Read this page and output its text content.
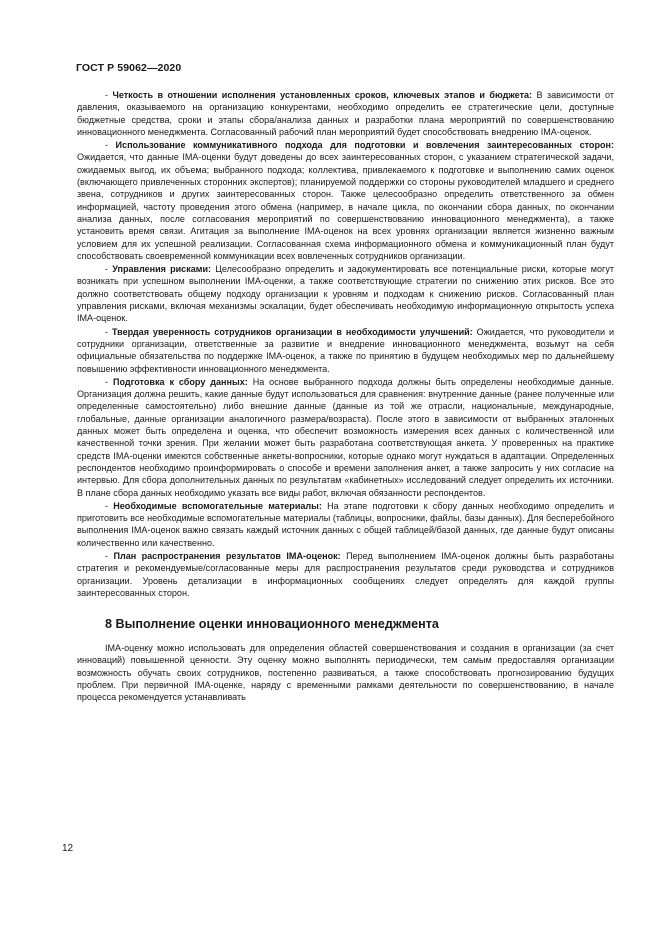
ГОСТ Р 59062—2020

- Четкость в отношении исполнения установленных сроков, ключевых этапов и бюджета: В зависимости от давления, оказываемого на организацию конкурентами, необходимо определить ее стратегические цели, доступные бюджетные средства, сроки и этапы сбора/анализа данных и разработки плана мероприятий по совершенствованию инновационного менеджмента. Согласованный рабочий план мероприятий будет способствовать внедрению IMA-оценок.

- Использование коммуникативного подхода для подготовки и вовлечения заинтересованных сторон: Ожидается, что данные IMA-оценки будут доведены до всех заинтересованных сторон, с указанием стратегической задачи, ожидаемых выгод, их объема; выбранного подхода; коллектива, привлекаемого к подготовке и выполнению самих оценок (включающего привлеченных сторонних экспертов); планируемой поддержки со стороны руководителей младшего и среднего звена, сотрудников и других заинтересованных сторон. Также целесообразно определить ответственного за обмен информацией, частоту проведения этого обмена (например, в начале цикла, по окончании сбора данных, по окончании анализа данных, после согласования мероприятий по совершенствованию инновационного менеджмента), а также установить время связи. Агитация за выполнение IMA-оценок на всех уровнях организации является жизненно важным условием для их успешной реализации. Согласованная схема информационного обмена и коммуникационный план будут способствовать своевременной коммуникации всех вовлеченных сотрудников организации.

- Управления рисками: Целесообразно определить и задокументировать все потенциальные риски, которые могут возникать при успешном выполнении IMA-оценки, а также соответствующие стратегии по снижению этих рисков. Все это должно соответствовать общему подходу организации к уровням и подходам к снижению рисков. Согласованный план управления рисками, включая механизмы эскалации, будет обеспечивать необходимую информационную открытость успеха IMA-оценок.

- Твердая уверенность сотрудников организации в необходимости улучшений: Ожидается, что руководители и сотрудники организации, ответственные за развитие и внедрение инновационного менеджмента, возьмут на себя официальные обязательства по поддержке IMA-оценок, а также по принятию в будущем необходимых мер по дальнейшему повышению эффективности инновационного менеджмента.

- Подготовка к сбору данных: На основе выбранного подхода должны быть определены необходимые данные. Организация должна решить, какие данные будут использоваться для сравнения: внутренние данные (ранее полученные или определенные самостоятельно) либо внешние данные (данные из той же отрасли, национальные, международные, глобальные, данные организации аналогичного размера/возраста). После этого в зависимости от выбранных эталонных данных может быть определена и оценка, что обеспечит возможность измерения всех данных с количественной или качественной точки зрения. При желании может быть разработана соответствующая анкета. У проверенных на практике средств IMA-оценки имеются собственные анкеты-вопросники, которые однако могут нуждаться в адаптации. Определенных респондентов необходимо проинформировать о способе и времени заполнения анкет, а также запросить у них согласие на интервью. Для сбора дополнительных данных по результатам «кабинетных» исследований следует определить их источники. В плане сбора данных необходимо указать все виды работ, включая обязанности респондентов.

- Необходимые вспомогательные материалы: На этапе подготовки к сбору данных необходимо определить и приготовить все необходимые вспомогательные материалы (таблицы, вопросники, файлы, базы данных). Для бесперебойного выполнения IMA-оценок важно связать каждый источник данных с общей таблицей/базой данных, где данные будут описаны количественно или качественно.

- План распространения результатов IMA-оценок: Перед выполнением IMA-оценок должны быть разработаны стратегия и рекомендуемые/согласованные меры для распространения результатов среди руководства и сотрудников организации. Уровень детализации в информационных сообщениях следует определять для каждой группы заинтересованных сторон.

8 Выполнение оценки инновационного менеджмента

IMA-оценку можно использовать для определения областей совершенствования и создания в организации (за счет инноваций) повышенной ценности. Эту оценку можно выполнять периодически, тем самым предоставляя организации возможность обучать своих сотрудников, постепенно развиваться, а также способствовать прогнозированию будущих проблем. При первичной IMA-оценке, наряду с временными рамками деятельности по совершенствованию, в начале процесса рекомендуется устанавливать

12
